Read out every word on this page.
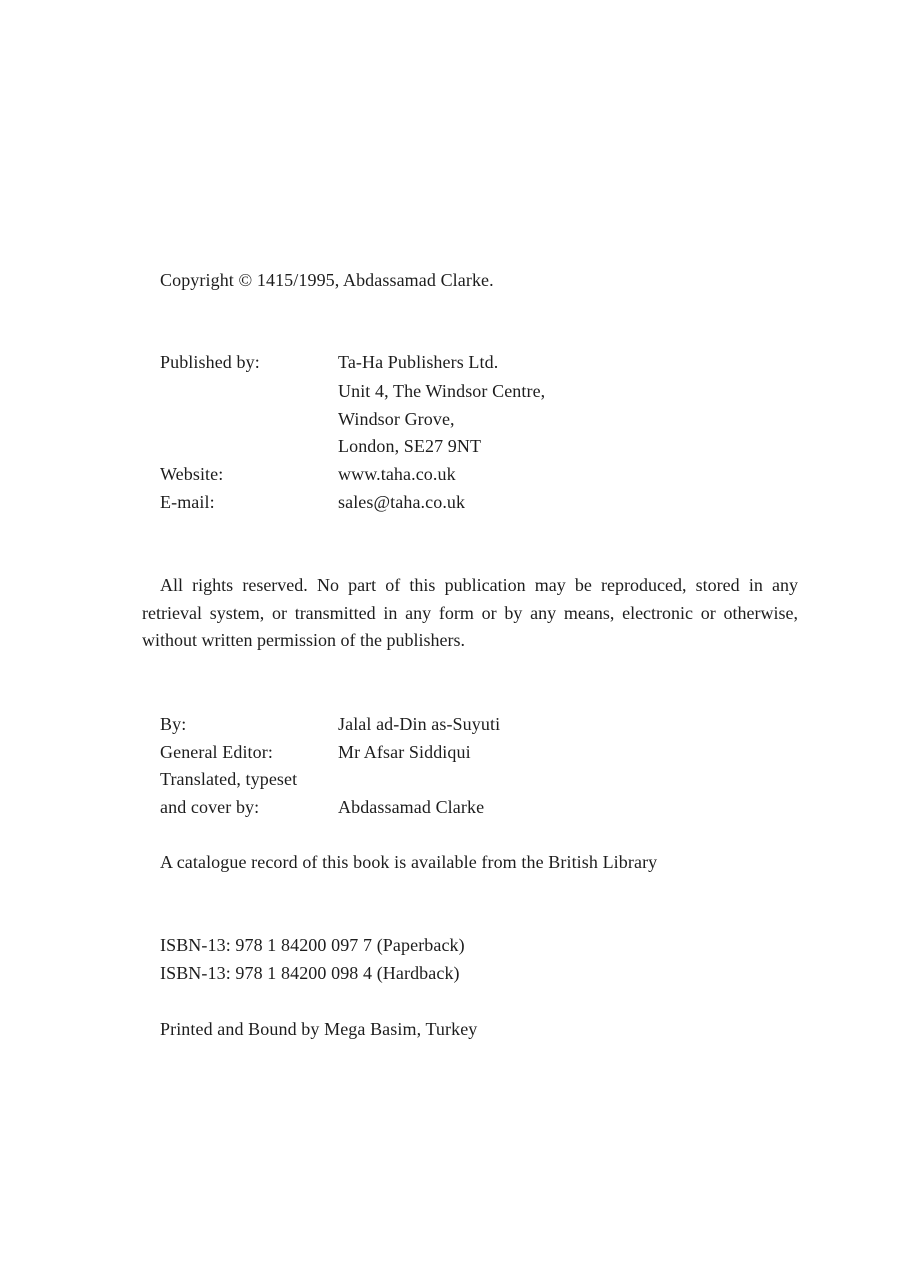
Copyright © 1415/1995, Abdassamad Clarke.
Published by:	Ta-Ha Publishers Ltd.
Unit 4, The Windsor Centre,
Windsor Grove,
London, SE27 9NT
Website:	www.taha.co.uk
E-mail:	sales@taha.co.uk
All rights reserved. No part of this publication may be reproduced, stored in any retrieval system, or transmitted in any form or by any means, electronic or otherwise, without written permission of the publishers.
By:	Jalal ad-Din as-Suyuti
General Editor:	Mr Afsar Siddiqui
Translated, typeset
and cover by:	Abdassamad Clarke
A catalogue record of this book is available from the British Library
ISBN-13: 978 1 84200 097 7 (Paperback)
ISBN-13: 978 1 84200 098 4 (Hardback)
Printed and Bound by Mega Basim, Turkey
